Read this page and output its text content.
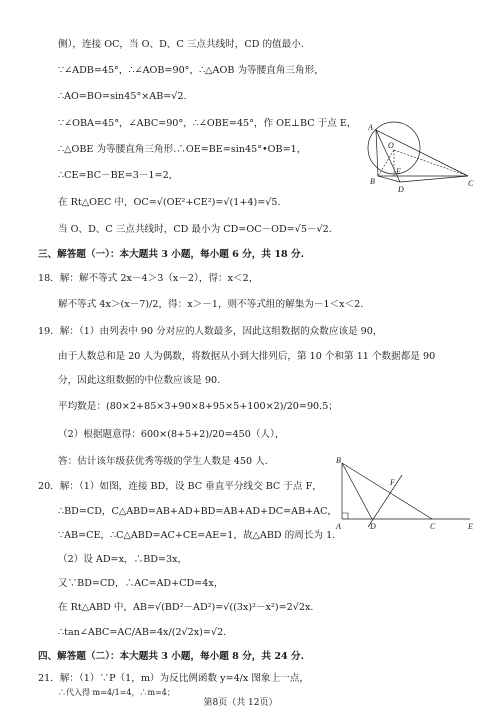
侧），连接 OC，当 O、D、C 三点共线时，CD 的值最小.
∵∠ADB=45°，∴∠AOB=90°，∴△AOB 为等腰直角三角形，
∴AO=BO=sin45°×AB=√2.
∵∠OBA=45°，∠ABC=90°，∴∠OBE=45°，作 OE⊥BC 于点 E，
∴△OBE 为等腰直角三角形.∴OE=BE=sin45°•OB=1，
∴CE=BC－BE=3－1=2，
在 Rt△OEC 中，OC=√(OE²+CE²)=√(1+4)=√5.
当 O、D、C 三点共线时，CD 最小为 CD=OC－OD=√5－√2.
三、解答题（一）：本大题共 3 小题，每小题 6 分，共 18 分.
18．解：解不等式 2x－4＞3（x－2），得：x＜2，
解不等式 4x＞(x－7)/2，得：x＞－1，则不等式组的解集为－1＜x＜2.
19．解：（1）由列表中 90 分对应的人数最多，因此这组数据的众数应该是 90，
由于人数总和是 20 人为偶数，将数据从小到大排列后，第 10 个和第 11 个数据都是 90
分，因此这组数据的中位数应该是 90.
平均数是：(80×2+85×3+90×8+95×5+100×2)/20=90.5；
（2）根据题意得：600×(8+5+2)/20=450（人），
答：估计该年级获优秀等级的学生人数是 450 人.
20．解：（1）如图，连接 BD，设 BC 垂直平分线交 BC 于点 F，
∴BD=CD，C△ABD=AB+AD+BD=AB+AD+DC=AB+AC，
∵AB=CE，∴C△ABD=AC+CE=AE=1，故△ABD 的周长为 1.
（2）设 AD=x，∴BD=3x，
又∵BD=CD，∴AC=AD+CD=4x，
在 Rt△ABD 中，AB=√(BD²－AD²)=√((3x)²－x²)=2√2x.
∴tan∠ABC=AC/AB=4x/(2√2x)=√2.
四、解答题（二）：本大题共 3 小题，每小题 8 分，共 24 分.
21．解：（1）∵P（1，m）为反比例函数 y=4/x 图象上一点，
∴代入得 m=4/1=4，∴m=4；
A
O
E
B
D
C
B
F
A	D	C	E
第8页（共 12页）
